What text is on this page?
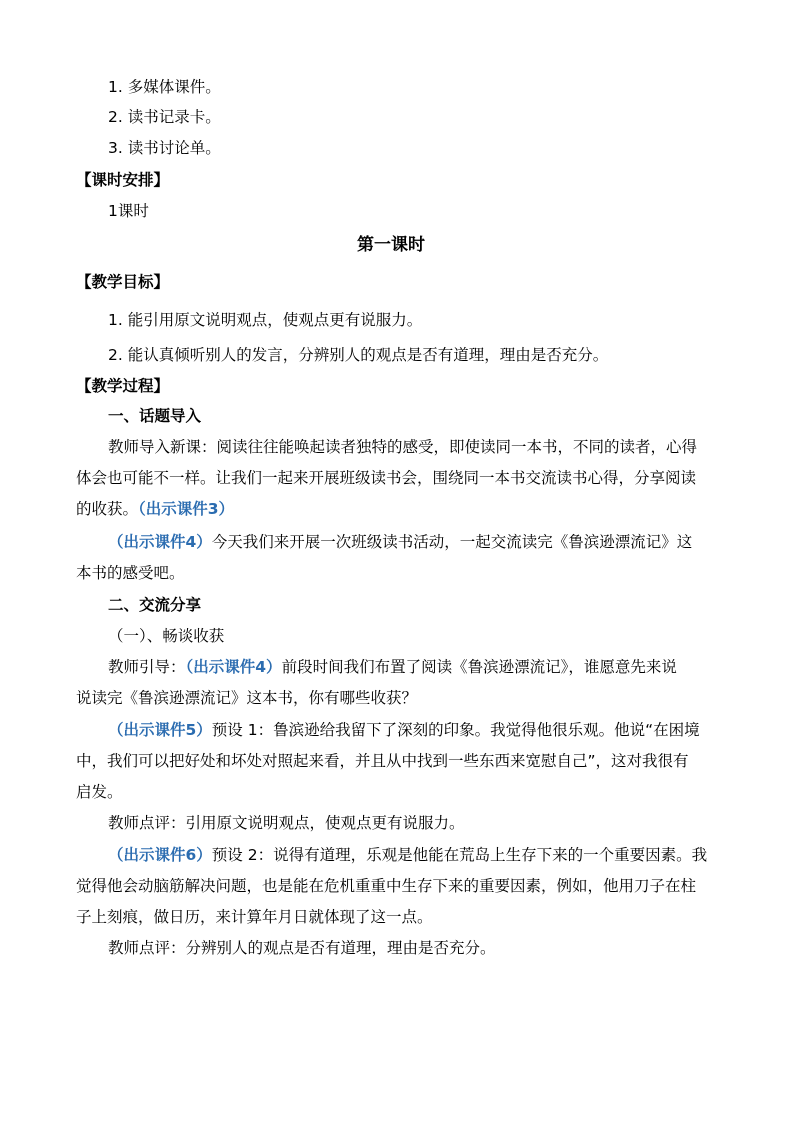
1. 多媒体课件。
2. 读书记录卡。
3. 读书讨论单。
【课时安排】
1课时
第一课时
【教学目标】
1. 能引用原文说明观点，使观点更有说服力。
2. 能认真倾听别人的发言，分辨别人的观点是否有道理，理由是否充分。
【教学过程】
一、话题导入
教师导入新课：阅读往往能唤起读者独特的感受，即使读同一本书，不同的读者，心得
体会也可能不一样。让我们一起来开展班级读书会，围绕同一本书交流读书心得，分享阅读
的收获。（出示课件3）
（出示课件4）今天我们来开展一次班级读书活动，一起交流读完《鲁滨逊漂流记》这
本书的感受吧。
二、交流分享
（一）、畅谈收获
教师引导：（出示课件4）前段时间我们布置了阅读《鲁滨逊漂流记》，谁愿意先来说
说读完《鲁滨逊漂流记》这本书，你有哪些收获？
（出示课件5）预设 1：鲁滨逊给我留下了深刻的印象。我觉得他很乐观。他说“在困境
中，我们可以把好处和坏处对照起来看，并且从中找到一些东西来宽慰自己”，这对我很有
启发。
教师点评：引用原文说明观点，使观点更有说服力。
（出示课件6）预设 2：说得有道理，乐观是他能在荒岛上生存下来的一个重要因素。我
觉得他会动脑筋解决问题，也是能在危机重重中生存下来的重要因素，例如，他用刀子在柱
子上刻痕，做日历，来计算年月日就体现了这一点。
教师点评：分辨别人的观点是否有道理，理由是否充分。
